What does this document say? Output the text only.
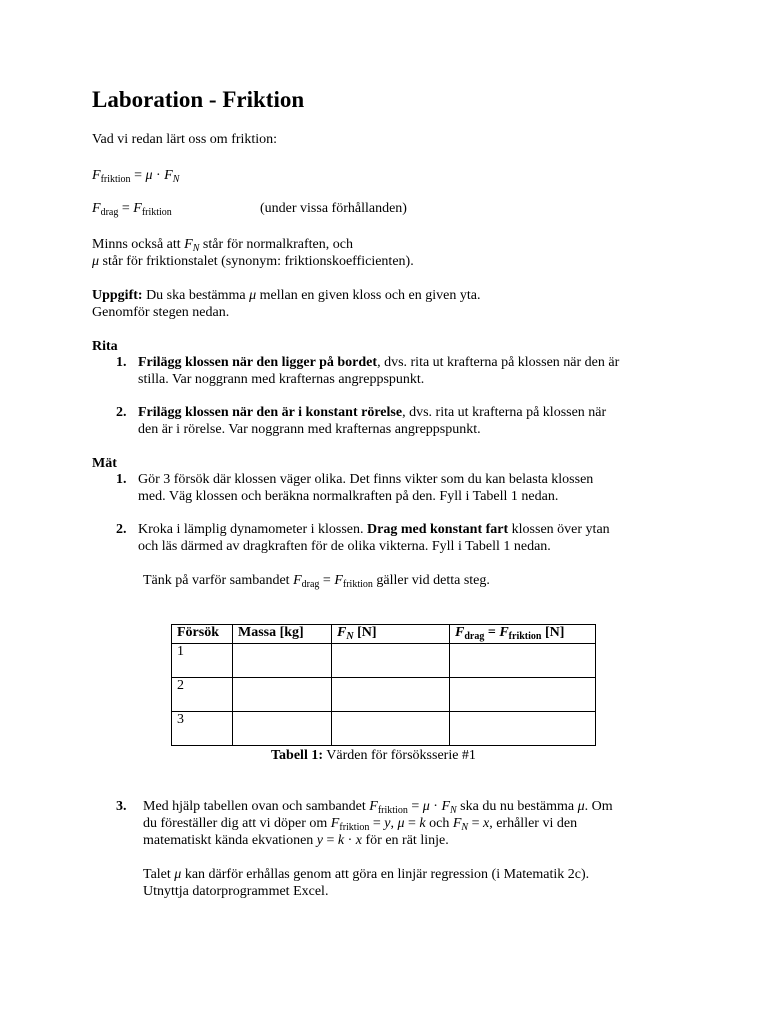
Laboration - Friktion
Vad vi redan lärt oss om friktion:
$F_{friktion} = \mu \cdot F_N$
$F_{drag} = F_{friktion}$	(under vissa förhållanden)
Minns också att $F_N$ står för normalkraften, och
μ står för friktionstalet (synonym: friktionskoefficienten).
Uppgift: Du ska bestämma μ mellan en given kloss och en given yta.
Genomför stegen nedan.
Rita
1. Frilägg klossen när den ligger på bordet, dvs. rita ut krafterna på klossen när den är
stilla. Var noggrann med krafternas angreppspunkt.
2. Frilägg klossen när den är i konstant rörelse, dvs. rita ut krafterna på klossen när
den är i rörelse. Var noggrann med krafternas angreppspunkt.
Mät
1. Gör 3 försök där klossen väger olika. Det finns vikter som du kan belasta klossen
med. Väg klossen och beräkna normalkraften på den. Fyll i Tabell 1 nedan.
2. Kroka i lämplig dynamometer i klossen. Drag med konstant fart klossen över ytan
och läs därmed av dragkraften för de olika vikterna. Fyll i Tabell 1 nedan.
Tänk på varför sambandet $F_{drag} = F_{friktion}$ gäller vid detta steg.
Försök	Massa [kg]	$F_N$ [N]	$F_{drag} = F_{friktion}$ [N]
1			
2			
3			
Tabell 1: Värden för försöksserie #1
3. Med hjälp tabellen ovan och sambandet $F_{friktion} = \mu \cdot F_N$ ska du nu bestämma μ. Om
du föreställer dig att vi döper om $F_{friktion} = y$, μ = k och $F_N = x$, erhåller vi den
matematiskt kända ekvationen y = k · x för en rät linje.
Talet μ kan därför erhållas genom att göra en linjär regression (i Matematik 2c).
Utnyttja datorprogrammet Excel.
